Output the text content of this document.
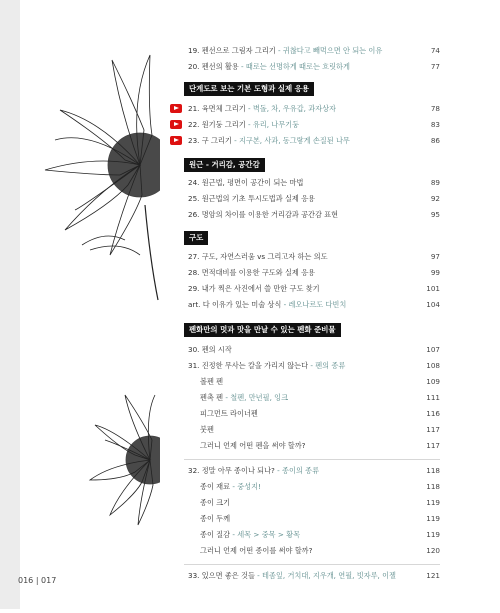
19. 펜선으로 그림자 그리기 - 귀찮다고 빼먹으면 안 되는 이유	74
20. 펜선의 활용 - 때로는 선명하게 때로는 흐릿하게	77
단계도로 보는 기본 도형과 실제 응용
21. 육면체 그리기 - 벽돌, 차, 우유갑, 과자상자	78
22. 원기둥 그리기 - 유리, 나무기둥	83
23. 구 그리기 - 지구본, 사과, 동그랗게 손질된 나무	86
원근 - 거리감, 공간감
24. 원근법, 평면이 공간이 되는 마법	89
25. 원근법의 기초 투시도법과 실제 응용	92
26. 명암의 차이를 이용한 거리감과 공간감 표현	95
구도
27. 구도, 자연스러움 vs 그리고자 하는 의도	97
28. 면적대비를 이용한 구도와 실제 응용	99
29. 내가 찍은 사진에서 쓸 만한 구도 찾기	101
art. 다 이유가 있는 미술 상식 - 레오나르도 다빈치	104
펜화만의 멋과 맛을 만날 수 있는 펜화 준비물
30. 펜의 시작	107
31. 진정한 무사는 칼을 가리지 않는다 - 펜의 종류	108
볼펜 펜	109
펜촉 펜 - 철펜, 만년필, 잉크	111
피그먼트 라이너펜	116
붓펜	117
그러니 언제 어떤 펜을 써야 할까?	117
32. 정말 아무 종이나 되나? - 종이의 종류	118
종이 재료 - 중성지!	118
종이 크기	119
종이 두께	119
종이 질감 - 세목 > 중목 > 황목	119
그러니 언제 어떤 종이를 써야 할까?	120
33. 있으면 좋은 것들 - 테좀잎, 거치대, 지우개, 연필, 빗자루, 이젤	121
016 | 017
